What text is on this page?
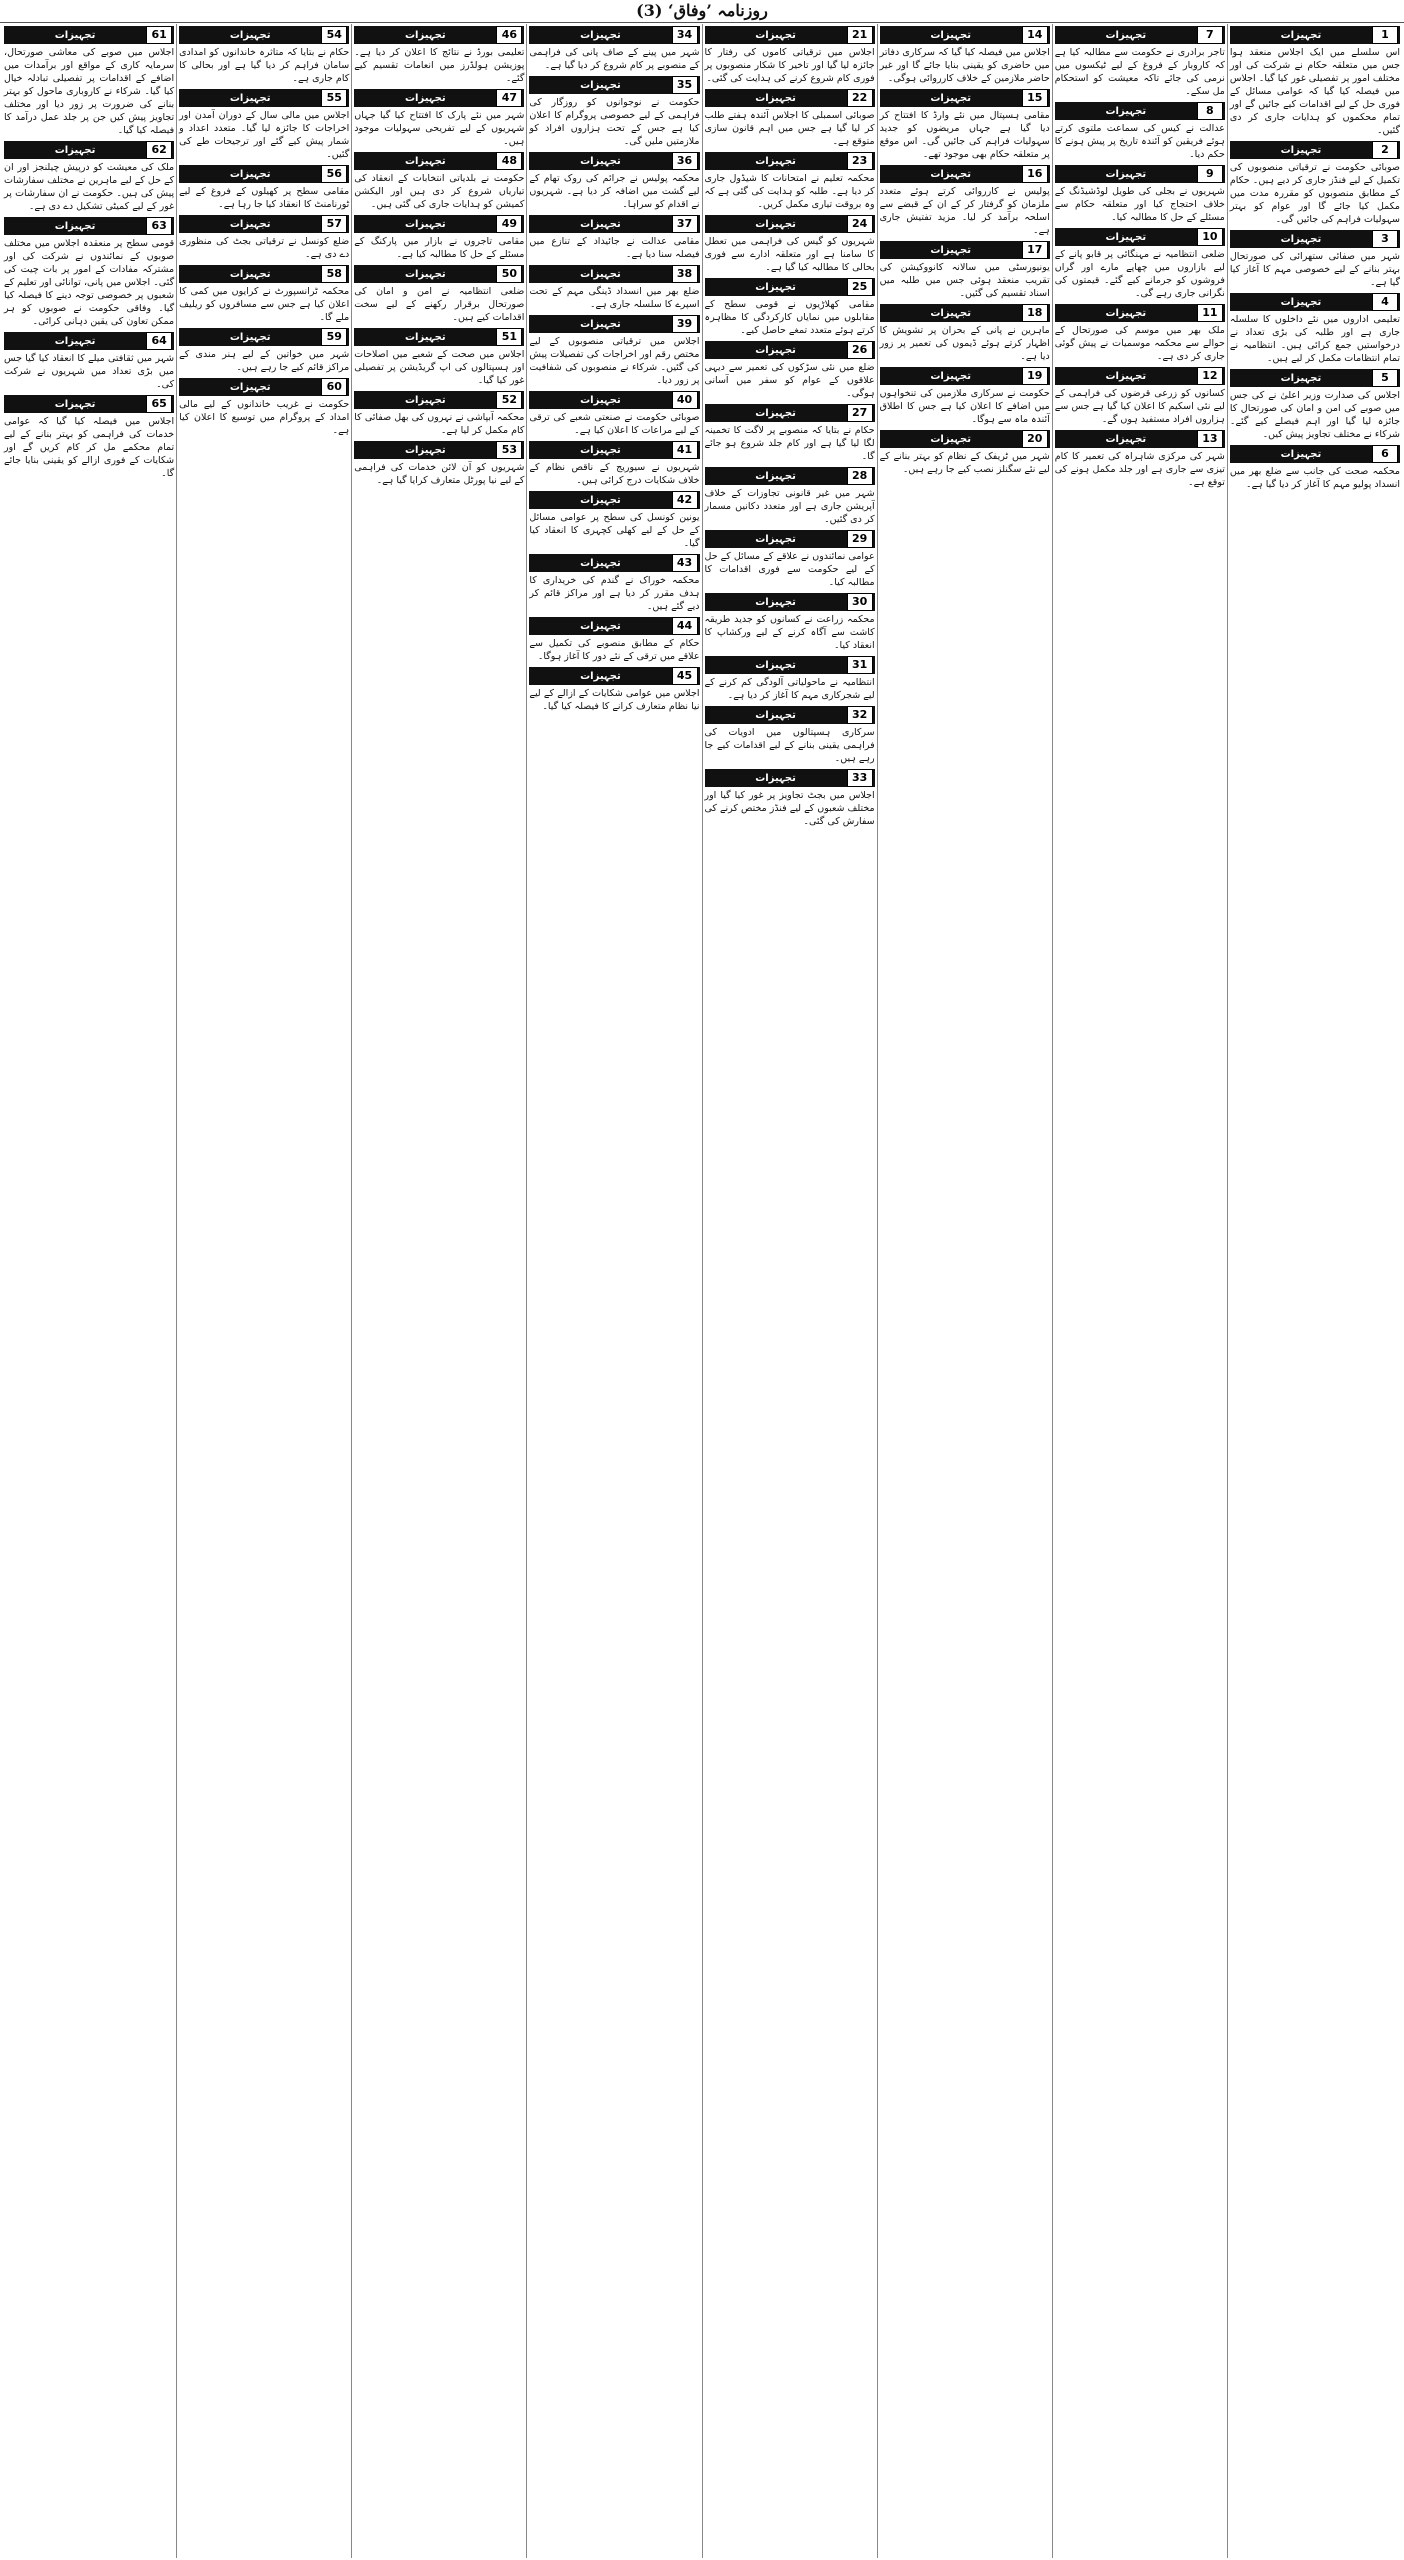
روزنامہ ’وفاق‘ (3)
1
تجہیزات

اس سلسلے میں ایک اجلاس منعقد ہوا جس میں متعلقہ حکام نے شرکت کی اور مختلف امور پر تفصیلی غور کیا گیا۔ اجلاس میں فیصلہ کیا گیا کہ عوامی مسائل کے فوری حل کے لیے اقدامات کیے جائیں گے اور تمام محکموں کو ہدایات جاری کر دی گئیں۔

2
تجہیزات

صوبائی حکومت نے ترقیاتی منصوبوں کی تکمیل کے لیے فنڈز جاری کر دیے ہیں۔ حکام کے مطابق منصوبوں کو مقررہ مدت میں مکمل کیا جائے گا اور عوام کو بہتر سہولیات فراہم کی جائیں گی۔

3
تجہیزات

شہر میں صفائی ستھرائی کی صورتحال بہتر بنانے کے لیے خصوصی مہم کا آغاز کیا گیا ہے۔

4
تجہیزات

تعلیمی اداروں میں نئے داخلوں کا سلسلہ جاری ہے اور طلبہ کی بڑی تعداد نے درخواستیں جمع کرائی ہیں۔ انتظامیہ نے تمام انتظامات مکمل کر لیے ہیں۔

5
تجہیزات

اجلاس کی صدارت وزیر اعلیٰ نے کی جس میں صوبے کی امن و امان کی صورتحال کا جائزہ لیا گیا اور اہم فیصلے کیے گئے۔ شرکاء نے مختلف تجاویز پیش کیں۔

6
تجہیزات

محکمہ صحت کی جانب سے ضلع بھر میں انسداد پولیو مہم کا آغاز کر دیا گیا ہے۔

7
تجہیزات

تاجر برادری نے حکومت سے مطالبہ کیا ہے کہ کاروبار کے فروغ کے لیے ٹیکسوں میں نرمی کی جائے تاکہ معیشت کو استحکام مل سکے۔

8
تجہیزات

عدالت نے کیس کی سماعت ملتوی کرتے ہوئے فریقین کو آئندہ تاریخ پر پیش ہونے کا حکم دیا۔

9
تجہیزات

شہریوں نے بجلی کی طویل لوڈشیڈنگ کے خلاف احتجاج کیا اور متعلقہ حکام سے مسئلے کے حل کا مطالبہ کیا۔

10
تجہیزات

ضلعی انتظامیہ نے مہنگائی پر قابو پانے کے لیے بازاروں میں چھاپے مارے اور گراں فروشوں کو جرمانے کیے گئے۔ قیمتوں کی نگرانی جاری رہے گی۔

11
تجہیزات

ملک بھر میں موسم کی صورتحال کے حوالے سے محکمہ موسمیات نے پیش گوئی جاری کر دی ہے۔

12
تجہیزات

کسانوں کو زرعی قرضوں کی فراہمی کے لیے نئی اسکیم کا اعلان کیا گیا ہے جس سے ہزاروں افراد مستفید ہوں گے۔

13
تجہیزات

شہر کی مرکزی شاہراہ کی تعمیر کا کام تیزی سے جاری ہے اور جلد مکمل ہونے کی توقع ہے۔

14
تجہیزات

اجلاس میں فیصلہ کیا گیا کہ سرکاری دفاتر میں حاضری کو یقینی بنایا جائے گا اور غیر حاضر ملازمین کے خلاف کارروائی ہوگی۔

15
تجہیزات

مقامی ہسپتال میں نئے وارڈ کا افتتاح کر دیا گیا ہے جہاں مریضوں کو جدید سہولیات فراہم کی جائیں گی۔ اس موقع پر متعلقہ حکام بھی موجود تھے۔

16
تجہیزات

پولیس نے کارروائی کرتے ہوئے متعدد ملزمان کو گرفتار کر کے ان کے قبضے سے اسلحہ برآمد کر لیا۔ مزید تفتیش جاری ہے۔

17
تجہیزات

یونیورسٹی میں سالانہ کانووکیشن کی تقریب منعقد ہوئی جس میں طلبہ میں اسناد تقسیم کی گئیں۔

18
تجہیزات

ماہرین نے پانی کے بحران پر تشویش کا اظہار کرتے ہوئے ڈیموں کی تعمیر پر زور دیا ہے۔

19
تجہیزات

حکومت نے سرکاری ملازمین کی تنخواہوں میں اضافے کا اعلان کیا ہے جس کا اطلاق آئندہ ماہ سے ہوگا۔

20
تجہیزات

شہر میں ٹریفک کے نظام کو بہتر بنانے کے لیے نئے سگنلز نصب کیے جا رہے ہیں۔

21
تجہیزات

اجلاس میں ترقیاتی کاموں کی رفتار کا جائزہ لیا گیا اور تاخیر کا شکار منصوبوں پر فوری کام شروع کرنے کی ہدایت کی گئی۔

22
تجہیزات

صوبائی اسمبلی کا اجلاس آئندہ ہفتے طلب کر لیا گیا ہے جس میں اہم قانون سازی متوقع ہے۔

23
تجہیزات

محکمہ تعلیم نے امتحانات کا شیڈول جاری کر دیا ہے۔ طلبہ کو ہدایت کی گئی ہے کہ وہ بروقت تیاری مکمل کریں۔

24
تجہیزات

شہریوں کو گیس کی فراہمی میں تعطل کا سامنا ہے اور متعلقہ ادارے سے فوری بحالی کا مطالبہ کیا گیا ہے۔

25
تجہیزات

مقامی کھلاڑیوں نے قومی سطح کے مقابلوں میں نمایاں کارکردگی کا مظاہرہ کرتے ہوئے متعدد تمغے حاصل کیے۔

26
تجہیزات

ضلع میں نئی سڑکوں کی تعمیر سے دیہی علاقوں کے عوام کو سفر میں آسانی ہوگی۔

27
تجہیزات

حکام نے بتایا کہ منصوبے پر لاگت کا تخمینہ لگا لیا گیا ہے اور کام جلد شروع ہو جائے گا۔

28
تجہیزات

شہر میں غیر قانونی تجاوزات کے خلاف آپریشن جاری ہے اور متعدد دکانیں مسمار کر دی گئیں۔

29
تجہیزات

عوامی نمائندوں نے علاقے کے مسائل کے حل کے لیے حکومت سے فوری اقدامات کا مطالبہ کیا۔

30
تجہیزات

محکمہ زراعت نے کسانوں کو جدید طریقہ کاشت سے آگاہ کرنے کے لیے ورکشاپ کا انعقاد کیا۔

31
تجہیزات

انتظامیہ نے ماحولیاتی آلودگی کم کرنے کے لیے شجرکاری مہم کا آغاز کر دیا ہے۔

32
تجہیزات

سرکاری ہسپتالوں میں ادویات کی فراہمی یقینی بنانے کے لیے اقدامات کیے جا رہے ہیں۔

33
تجہیزات

اجلاس میں بجٹ تجاویز پر غور کیا گیا اور مختلف شعبوں کے لیے فنڈز مختص کرنے کی سفارش کی گئی۔

34
تجہیزات

شہر میں پینے کے صاف پانی کی فراہمی کے منصوبے پر کام شروع کر دیا گیا ہے۔

35
تجہیزات

حکومت نے نوجوانوں کو روزگار کی فراہمی کے لیے خصوصی پروگرام کا اعلان کیا ہے جس کے تحت ہزاروں افراد کو ملازمتیں ملیں گی۔

36
تجہیزات

محکمہ پولیس نے جرائم کی روک تھام کے لیے گشت میں اضافہ کر دیا ہے۔ شہریوں نے اقدام کو سراہا۔

37
تجہیزات

مقامی عدالت نے جائیداد کے تنازع میں فیصلہ سنا دیا ہے۔

38
تجہیزات

ضلع بھر میں انسداد ڈینگی مہم کے تحت اسپرے کا سلسلہ جاری ہے۔

39
تجہیزات

اجلاس میں ترقیاتی منصوبوں کے لیے مختص رقم اور اخراجات کی تفصیلات پیش کی گئیں۔ شرکاء نے منصوبوں کی شفافیت پر زور دیا۔

40
تجہیزات

صوبائی حکومت نے صنعتی شعبے کی ترقی کے لیے مراعات کا اعلان کیا ہے۔

41
تجہیزات

شہریوں نے سیوریج کے ناقص نظام کے خلاف شکایات درج کرائی ہیں۔

42
تجہیزات

یونین کونسل کی سطح پر عوامی مسائل کے حل کے لیے کھلی کچہری کا انعقاد کیا گیا۔

43
تجہیزات

محکمہ خوراک نے گندم کی خریداری کا ہدف مقرر کر دیا ہے اور مراکز قائم کر دیے گئے ہیں۔

44
تجہیزات

حکام کے مطابق منصوبے کی تکمیل سے علاقے میں ترقی کے نئے دور کا آغاز ہوگا۔

45
تجہیزات

اجلاس میں عوامی شکایات کے ازالے کے لیے نیا نظام متعارف کرانے کا فیصلہ کیا گیا۔

46
تجہیزات

تعلیمی بورڈ نے نتائج کا اعلان کر دیا ہے۔ پوزیشن ہولڈرز میں انعامات تقسیم کیے گئے۔

47
تجہیزات

شہر میں نئے پارک کا افتتاح کیا گیا جہاں شہریوں کے لیے تفریحی سہولیات موجود ہیں۔

48
تجہیزات

حکومت نے بلدیاتی انتخابات کے انعقاد کی تیاریاں شروع کر دی ہیں اور الیکشن کمیشن کو ہدایات جاری کی گئی ہیں۔

49
تجہیزات

مقامی تاجروں نے بازار میں پارکنگ کے مسئلے کے حل کا مطالبہ کیا ہے۔

50
تجہیزات

ضلعی انتظامیہ نے امن و امان کی صورتحال برقرار رکھنے کے لیے سخت اقدامات کیے ہیں۔

51
تجہیزات

اجلاس میں صحت کے شعبے میں اصلاحات اور ہسپتالوں کی اپ گریڈیشن پر تفصیلی غور کیا گیا۔

52
تجہیزات

محکمہ آبپاشی نے نہروں کی بھل صفائی کا کام مکمل کر لیا ہے۔

53
تجہیزات

شہریوں کو آن لائن خدمات کی فراہمی کے لیے نیا پورٹل متعارف کرایا گیا ہے۔

54
تجہیزات

حکام نے بتایا کہ متاثرہ خاندانوں کو امدادی سامان فراہم کر دیا گیا ہے اور بحالی کا کام جاری ہے۔

55
تجہیزات

اجلاس میں مالی سال کے دوران آمدن اور اخراجات کا جائزہ لیا گیا۔ متعدد اعداد و شمار پیش کیے گئے اور ترجیحات طے کی گئیں۔

56
تجہیزات

مقامی سطح پر کھیلوں کے فروغ کے لیے ٹورنامنٹ کا انعقاد کیا جا رہا ہے۔

57
تجہیزات

ضلع کونسل نے ترقیاتی بجٹ کی منظوری دے دی ہے۔

58
تجہیزات

محکمہ ٹرانسپورٹ نے کرایوں میں کمی کا اعلان کیا ہے جس سے مسافروں کو ریلیف ملے گا۔

59
تجہیزات

شہر میں خواتین کے لیے ہنر مندی کے مراکز قائم کیے جا رہے ہیں۔

60
تجہیزات

حکومت نے غریب خاندانوں کے لیے مالی امداد کے پروگرام میں توسیع کا اعلان کیا ہے۔

61
تجہیزات

اجلاس میں صوبے کی معاشی صورتحال، سرمایہ کاری کے مواقع اور برآمدات میں اضافے کے اقدامات پر تفصیلی تبادلہ خیال کیا گیا۔ شرکاء نے کاروباری ماحول کو بہتر بنانے کی ضرورت پر زور دیا اور مختلف تجاویز پیش کیں جن پر جلد عمل درآمد کا فیصلہ کیا گیا۔

62
تجہیزات

ملک کی معیشت کو درپیش چیلنجز اور ان کے حل کے لیے ماہرین نے مختلف سفارشات پیش کی ہیں۔ حکومت نے ان سفارشات پر غور کے لیے کمیٹی تشکیل دے دی ہے۔

63
تجہیزات

قومی سطح پر منعقدہ اجلاس میں مختلف صوبوں کے نمائندوں نے شرکت کی اور مشترکہ مفادات کے امور پر بات چیت کی گئی۔ اجلاس میں پانی، توانائی اور تعلیم کے شعبوں پر خصوصی توجہ دینے کا فیصلہ کیا گیا۔ وفاقی حکومت نے صوبوں کو ہر ممکن تعاون کی یقین دہانی کرائی۔

64
تجہیزات

شہر میں ثقافتی میلے کا انعقاد کیا گیا جس میں بڑی تعداد میں شہریوں نے شرکت کی۔

65
تجہیزات

اجلاس میں فیصلہ کیا گیا کہ عوامی خدمات کی فراہمی کو بہتر بنانے کے لیے تمام محکمے مل کر کام کریں گے اور شکایات کے فوری ازالے کو یقینی بنایا جائے گا۔
